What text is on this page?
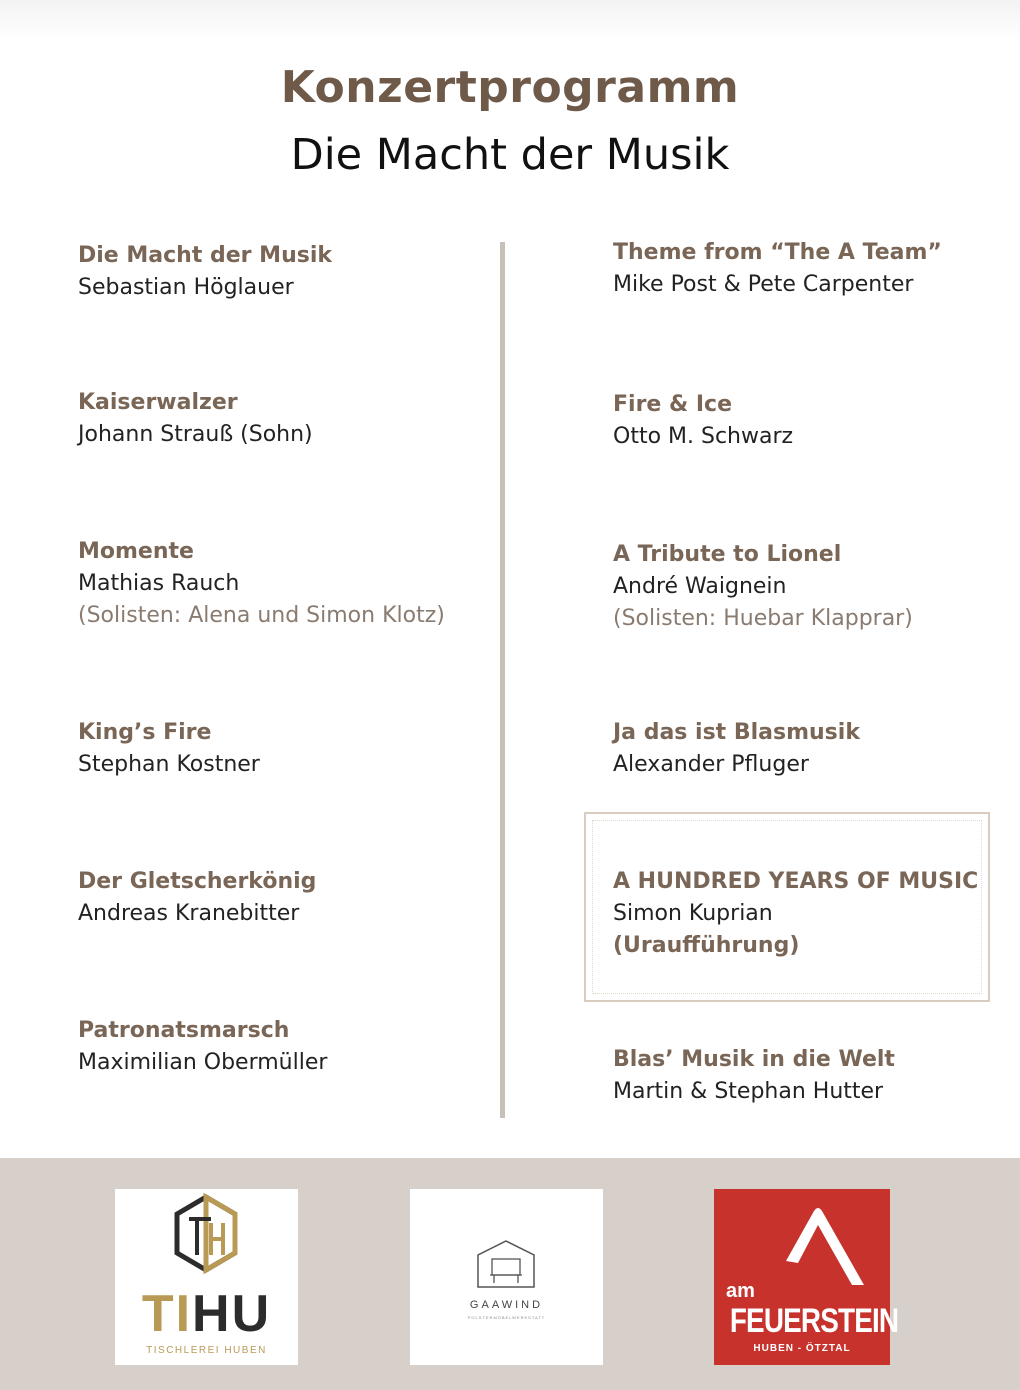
Konzertprogramm
Die Macht der Musik
Die Macht der Musik
Sebastian Höglauer
Kaiserwalzer
Johann Strauß (Sohn)
Momente
Mathias Rauch
(Solisten: Alena und Simon Klotz)
King’s Fire
Stephan Kostner
Der Gletscherkönig
Andreas Kranebitter
Patronatsmarsch
Maximilian Obermüller
Theme from “The A Team”
Mike Post & Pete Carpenter
Fire & Ice
Otto M. Schwarz
A Tribute to Lionel
André Waignein
(Solisten: Huebar Klapprar)
Ja das ist Blasmusik
Alexander Pfluger
A HUNDRED YEARS OF MUSIC
Simon Kuprian
(Uraufführung)
Blas’ Musik in die Welt
Martin & Stephan Hutter
TIHU
TISCHLEREI HUBEN
GAAWIND
POLSTERMÖBELWERKSTATT
am
FEUERSTEIN
HUBEN - ÖTZTAL
